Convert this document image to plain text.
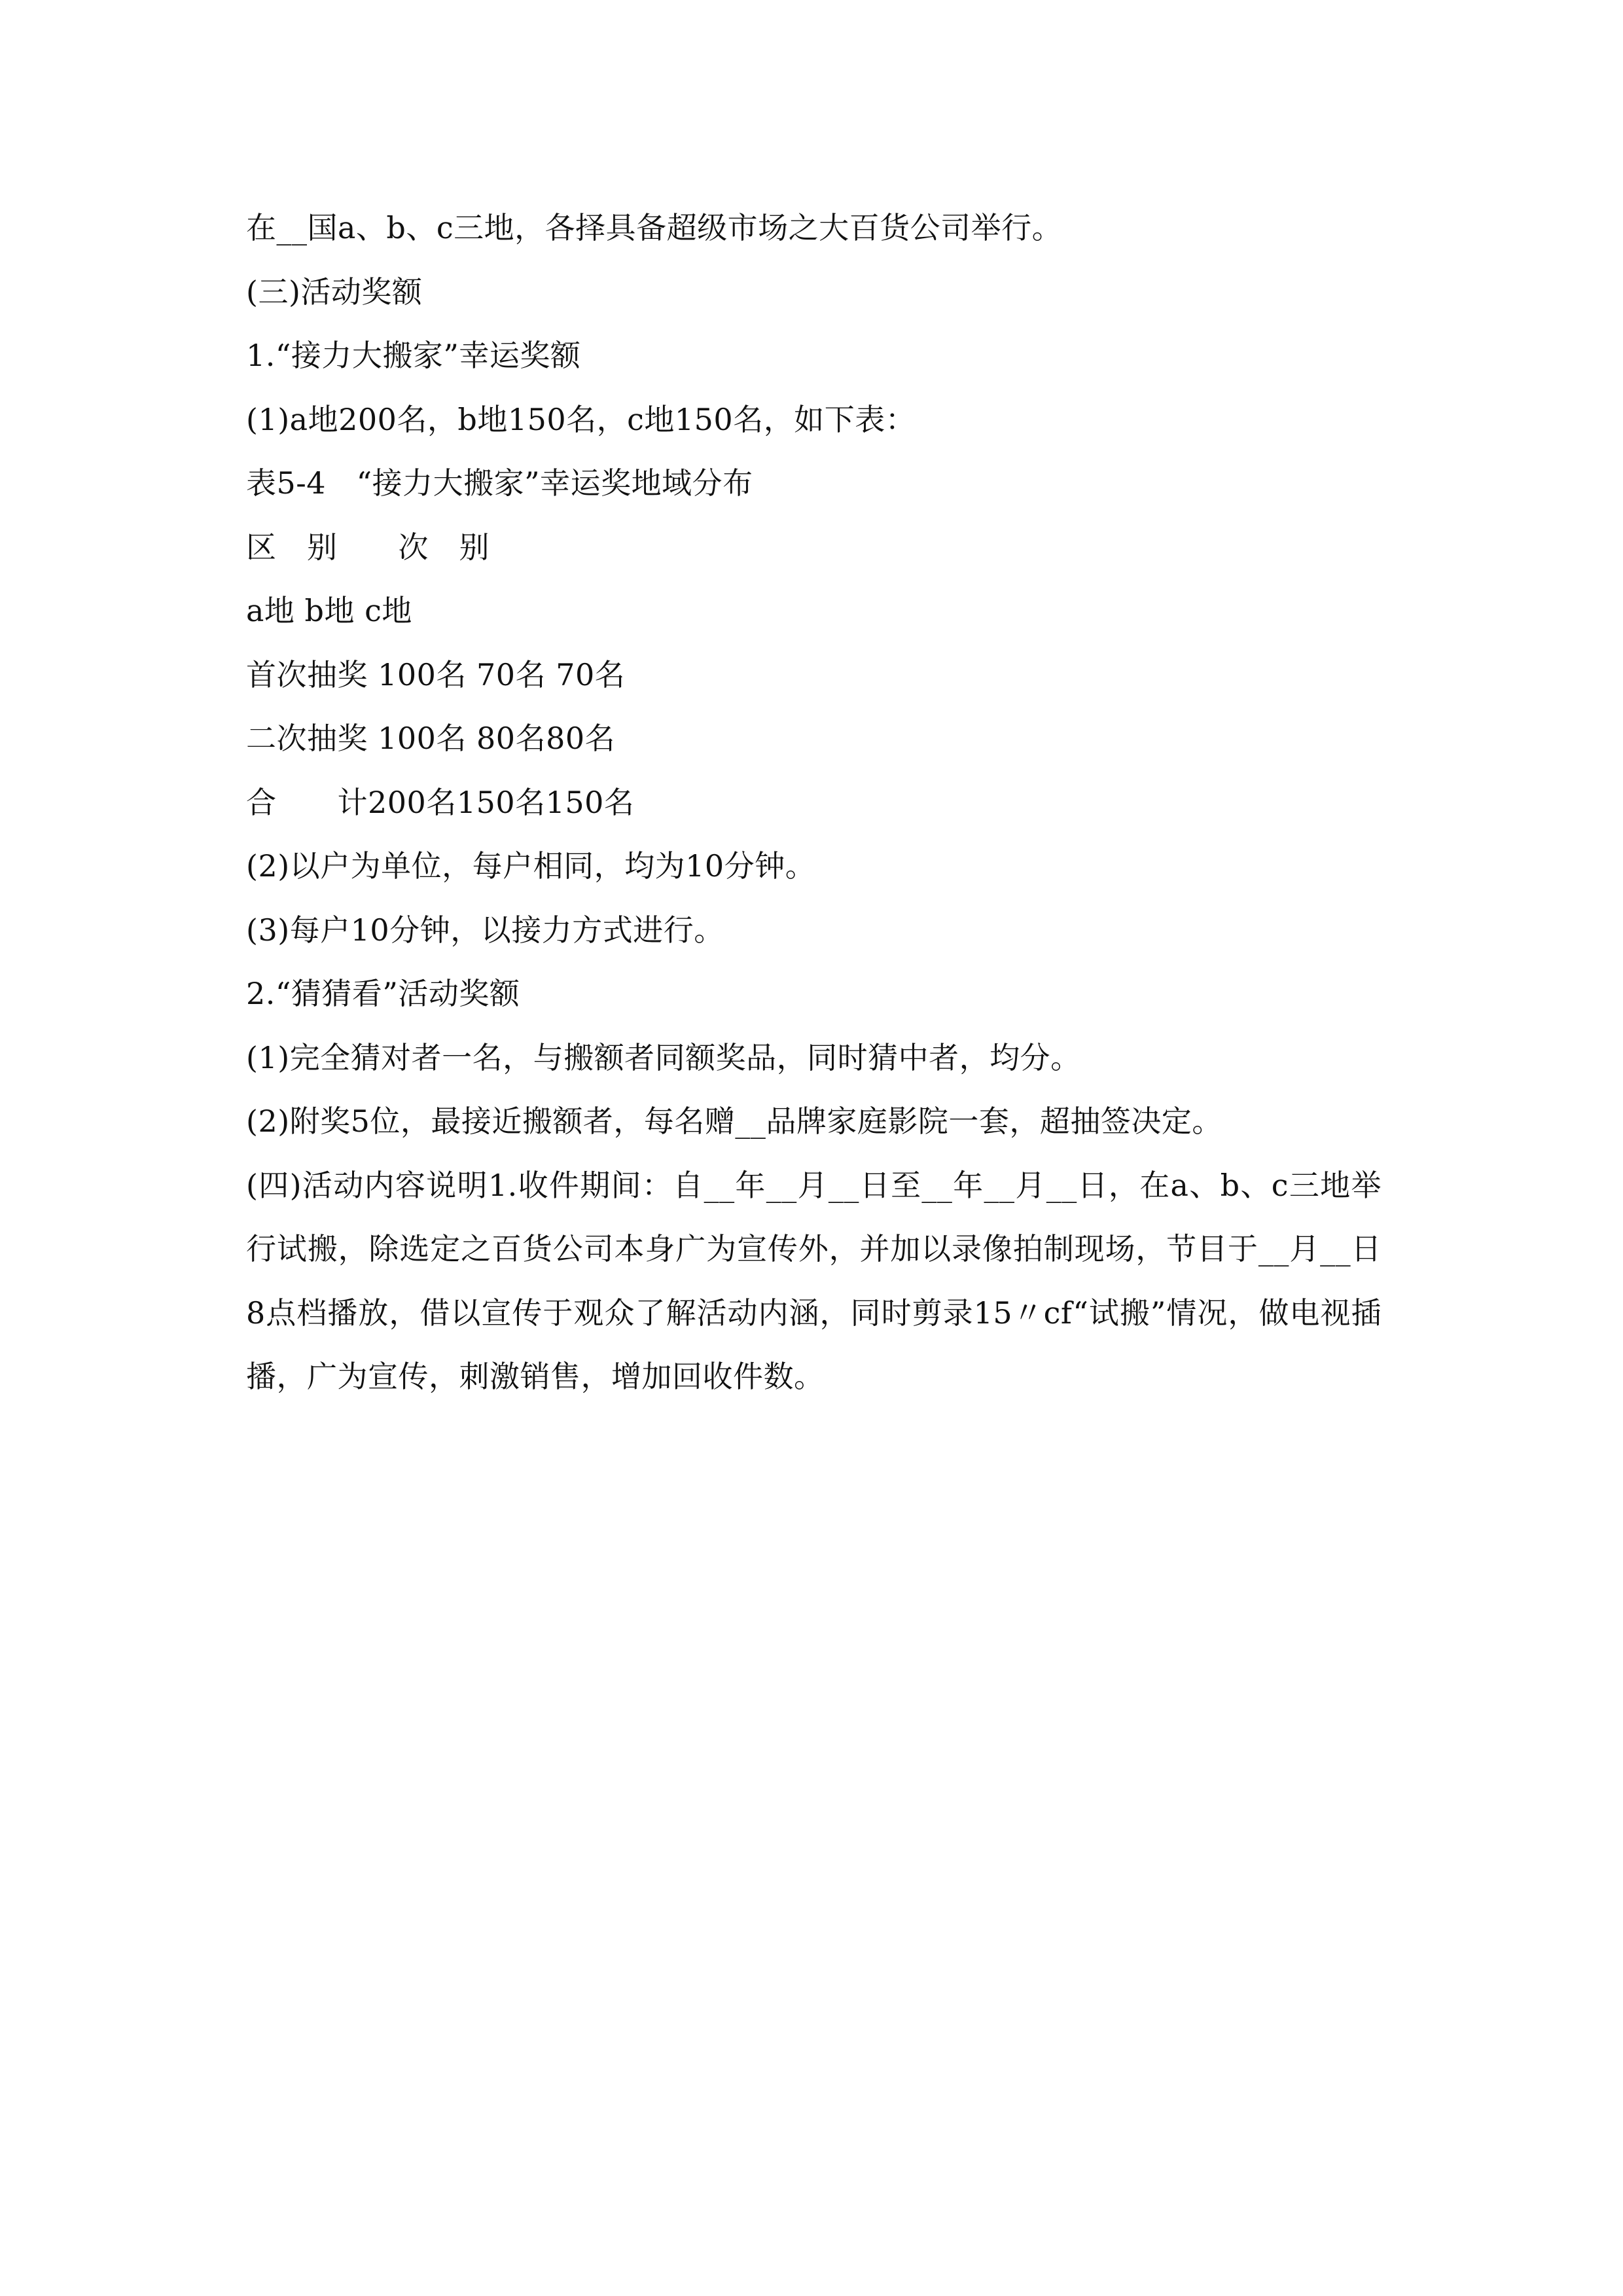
在__国a、b、c三地，各择具备超级市场之大百货公司举行。
(三)活动奖额
1.“接力大搬家”幸运奖额
(1)a地200名，b地150名，c地150名，如下表：
表5-4　“接力大搬家”幸运奖地域分布
区　别　　次　别
a地 b地 c地
首次抽奖 100名 70名 70名
二次抽奖 100名 80名80名
合　　计200名150名150名
(2)以户为单位，每户相同，均为10分钟。
(3)每户10分钟，以接力方式进行。
2.“猜猜看”活动奖额
(1)完全猜对者一名，与搬额者同额奖品，同时猜中者，均分。
(2)附奖5位，最接近搬额者，每名赠__品牌家庭影院一套，超抽签决定。
(四)活动内容说明1.收件期间：自__年__月__日至__年__月__日，在a、b、c三地举行试搬，除选定之百货公司本身广为宣传外，并加以录像拍制现场，节目于__月__日8点档播放，借以宣传于观众了解活动内涵，同时剪录15〃cf“试搬”情况，做电视插播，广为宣传，刺激销售，增加回收件数。
